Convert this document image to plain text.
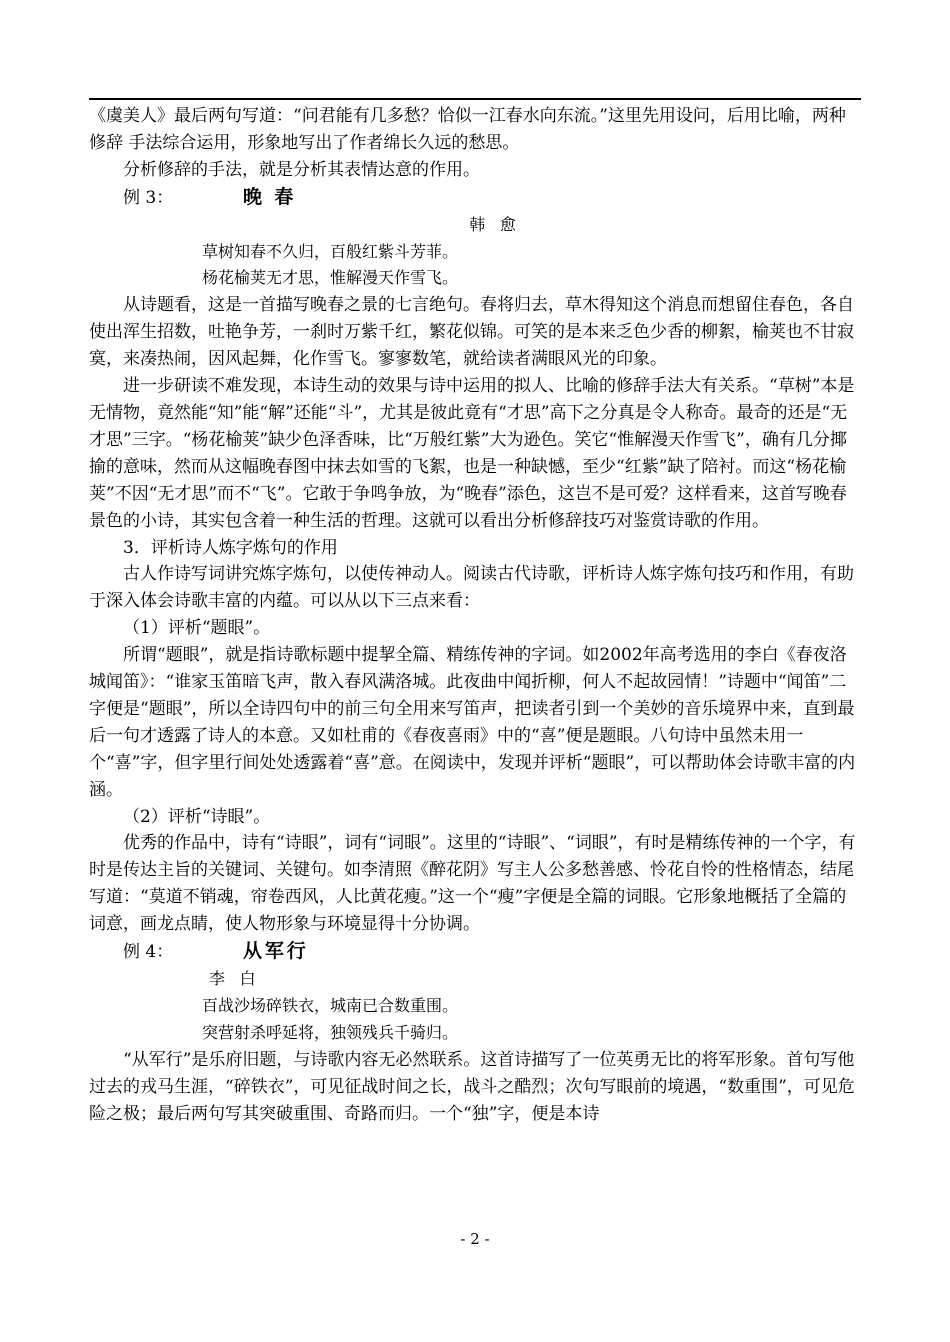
《虞美人》最后两句写道：“问君能有几多愁？恰似一江春水向东流。”这里先用设问，后用比喻，两种修辞 手法综合运用，形象地写出了作者绵长久远的愁思。

分析修辞的手法，就是分析其表情达意的作用。

例 3：	晚 春

韩 愈

草树知春不久归，百般红紫斗芳菲。

杨花榆荚无才思，惟解漫天作雪飞。

从诗题看，这是一首描写晚春之景的七言绝句。春将归去，草木得知这个消息而想留住春色，各自使出浑生招数，吐艳争芳，一刹时万紫千红，繁花似锦。可笑的是本来乏色少香的柳絮，榆荚也不甘寂寞，来凑热闹，因风起舞，化作雪飞。寥寥数笔，就给读者满眼风光的印象。

进一步研读不难发现，本诗生动的效果与诗中运用的拟人、比喻的修辞手法大有关系。“草树”本是无情物，竟然能“知”能“解”还能“斗”，尤其是彼此竟有“才思”高下之分真是令人称奇。最奇的还是“无才思”三字。“杨花榆荚”缺少色泽香味，比“万般红紫”大为逊色。笑它“惟解漫天作雪飞”，确有几分揶揄的意味，然而从这幅晚春图中抹去如雪的飞絮，也是一种缺憾，至少“红紫”缺了陪衬。而这“杨花榆荚”不因“无才思”而不“飞”。它敢于争鸣争放，为“晚春”添色，这岂不是可爱？这样看来，这首写晚春景色的小诗，其实包含着一种生活的哲理。这就可以看出分析修辞技巧对鉴赏诗歌的作用。

3．评析诗人炼字炼句的作用

古人作诗写词讲究炼字炼句，以使传神动人。阅读古代诗歌，评析诗人炼字炼句技巧和作用，有助于深入体会诗歌丰富的内蕴。可以从以下三点来看：

（1）评析“题眼”。

所谓“题眼”，就是指诗歌标题中提挈全篇、精练传神的字词。如2002年高考选用的李白《春夜洛城闻笛》：“谁家玉笛暗飞声，散入春风满洛城。此夜曲中闻折柳，何人不起故园情！”诗题中“闻笛”二字便是“题眼”，所以全诗四句中的前三句全用来写笛声，把读者引到一个美妙的音乐境界中来，直到最后一句才透露了诗人的本意。又如杜甫的《春夜喜雨》中的“喜”便是题眼。八句诗中虽然未用一个“喜”字，但字里行间处处透露着“喜”意。在阅读中，发现并评析“题眼”，可以帮助体会诗歌丰富的内涵。

（2）评析“诗眼”。

优秀的作品中，诗有“诗眼”，词有“词眼”。这里的“诗眼”、“词眼”，有时是精练传神的一个字，有时是传达主旨的关键词、关键句。如李清照《醉花阴》写主人公多愁善感、怜花自怜的性格情态，结尾写道：“莫道不销魂，帘卷西风，人比黄花瘦。”这一个“瘦”字便是全篇的词眼。它形象地概括了全篇的词意，画龙点睛，使人物形象与环境显得十分协调。

例 4：	从军行

李 白

百战沙场碎铁衣，城南已合数重围。

突营射杀呼延将，独领残兵千骑归。

“从军行”是乐府旧题，与诗歌内容无必然联系。这首诗描写了一位英勇无比的将军形象。首句写他过去的戎马生涯，“碎铁衣”，可见征战时间之长，战斗之酷烈；次句写眼前的境遇，“数重围”，可见危险之极；最后两句写其突破重围、奇路而归。一个“独”字，便是本诗

- 2 -
